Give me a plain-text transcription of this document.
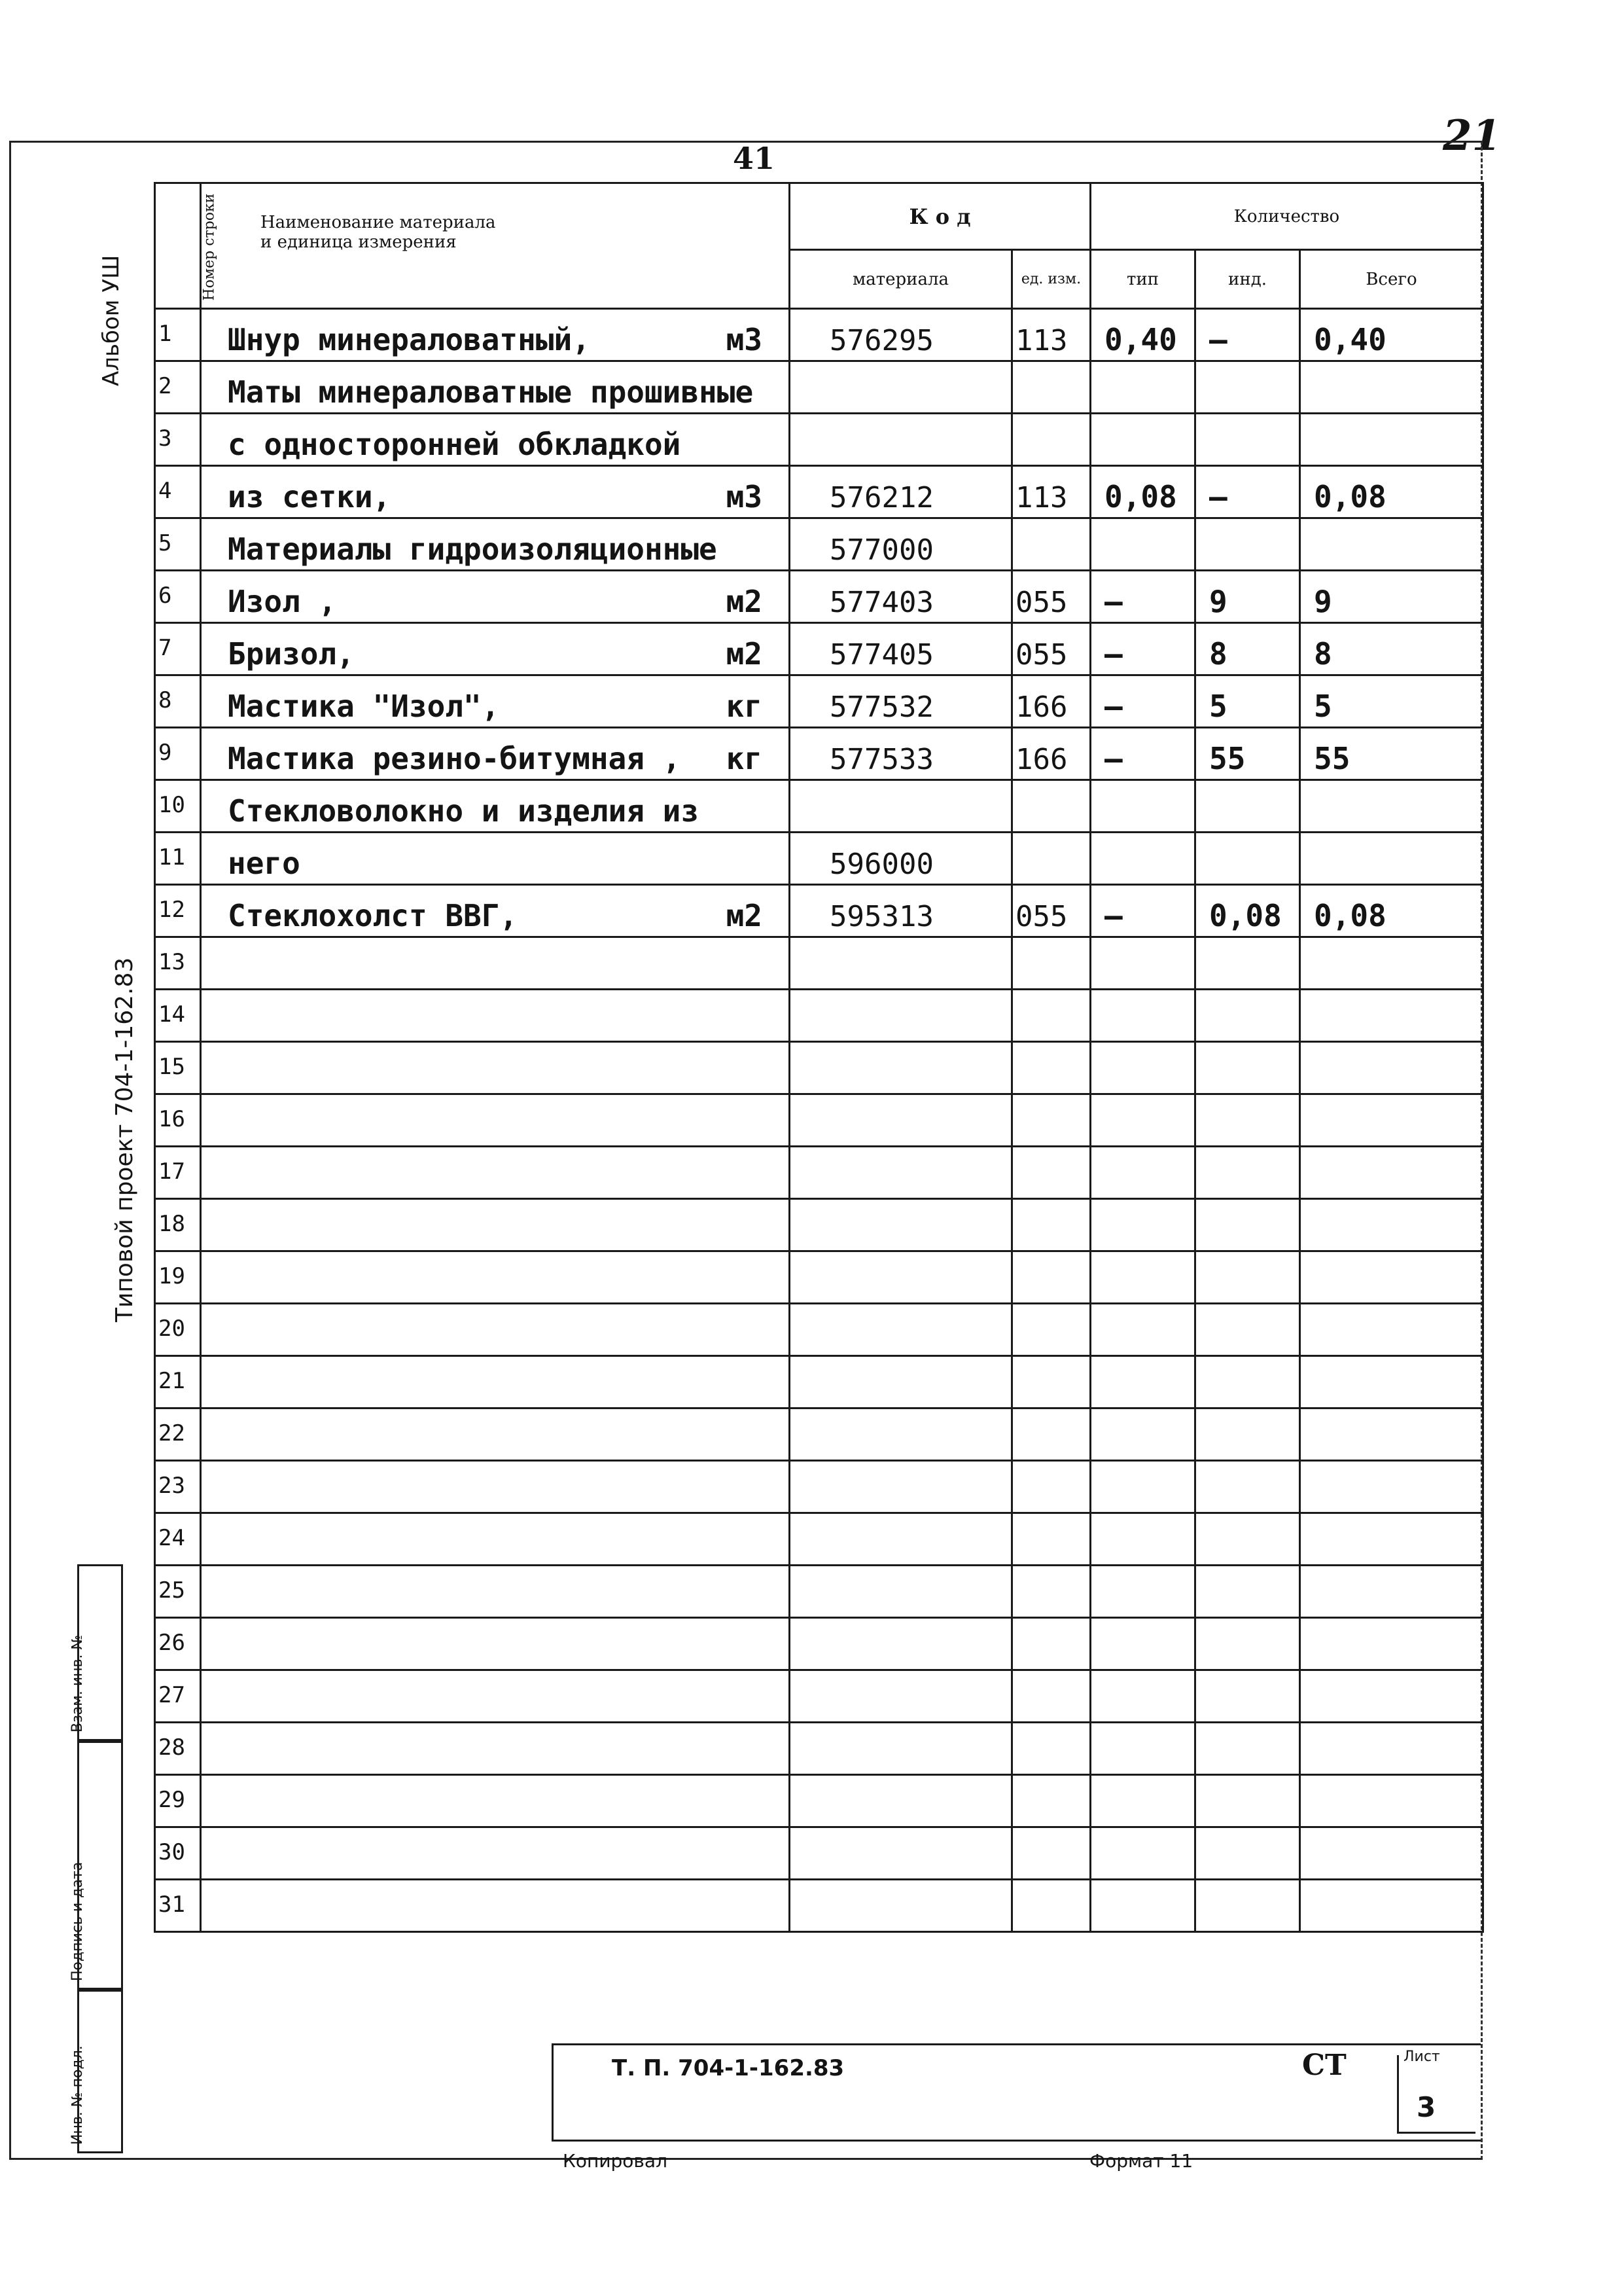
21
41
Альбом УШ
Типовой проект 704-1-162.83
Номер строки	Наименование материала
и единица измерения	К о д		Количество		
		материала	ед. изм.	тип	инд.	Всего
1	Шнур минераловатный, м3	576295	113	0,40	–	0,40
2	Маты минераловатные прошивные					

3	с односторонней обкладкой					

4	из сетки, м3	576212	113	0,08	–	0,08
5	Материалы гидроизоляционные	577000				
6	Изол , м2	577403	055	–	9	9
7	Бризол, м2	577405	055	–	8	8
8	Мастика "Изол", кг	577532	166	–	5	5
9	Мастика резино-битумная , кг	577533	166	—	55	55
10	Стекловолокно и изделия из					

11	него	596000				
12	Стеклохолст ВВГ, м2	595313	055	–	0,08	0,08
13	

14	

15	

16	

17	

18	

19	

20	

21	

22	

23	

24	

25	

26	

27	

28	

29	

30	

31	

Взам. инв. №
Подпись и дата
Инв. № подл.	Т. П. 704-1-162.83	СТ	Лист
3
Копировал	Формат 11
